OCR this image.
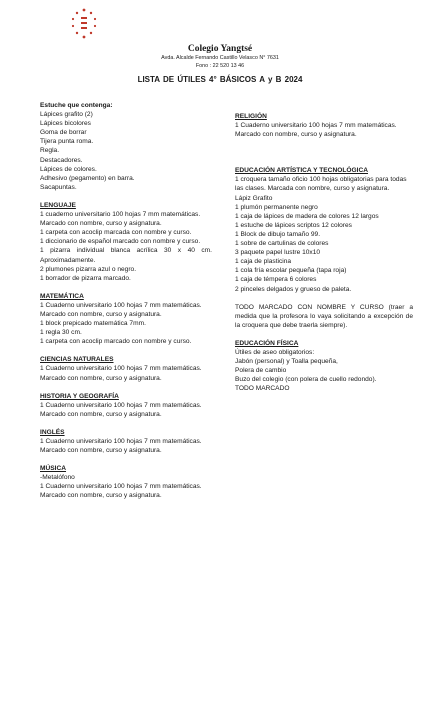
Colegio Yangtsé
Avda. Alcalde Fernando Castillo Velasco N° 7631
Fono : 22 520 13 46
LISTA DE ÚTILES 4° BÁSICOS A y B 2024
Estuche que contenga:
Lápices grafito (2)
Lápices bicolores
Goma de borrar
Tijera punta roma.
Regla.
Destacadores.
Lápices de colores.
Adhesivo (pegamento) en barra.
Sacapuntas.
LENGUAJE
1 cuaderno universitario 100 hojas 7 mm matemáticas. Marcado con nombre, curso y asignatura.
1 carpeta con acoclip marcada con nombre y curso.
1 diccionario de español marcado con nombre y curso.
1 pizarra individual blanca acrílica 30 x 40 cm. Aproximadamente.
2 plumones pizarra azul o negro.
1 borrador de pizarra marcado.
MATEMÁTICA
1 Cuaderno universitario 100 hojas 7 mm matemáticas. Marcado con nombre, curso y asignatura.
1 block prepicado matemática 7mm.
1 regla 30 cm.
1 carpeta con acoclip marcado con nombre y curso.
CIENCIAS NATURALES
1 Cuaderno universitario 100 hojas 7 mm matemáticas. Marcado con nombre, curso y asignatura.
HISTORIA Y GEOGRAFÍA
1 Cuaderno universitario 100 hojas 7 mm matemáticas. Marcado con nombre, curso y asignatura.
INGLÉS
1 Cuaderno universitario 100 hojas 7 mm matemáticas. Marcado con nombre, curso y asignatura.
MÚSICA
-Metalófono
1 Cuaderno universitario 100 hojas 7 mm matemáticas. Marcado con nombre, curso y asignatura.
RELIGIÓN
1 Cuaderno universitario 100 hojas 7 mm matemáticas. Marcado con nombre, curso y asignatura.
EDUCACIÓN ARTÍSTICA Y TECNOLÓGICA
1 croquera tamaño oficio 100 hojas obligatorias para todas las clases. Marcada con nombre, curso y asignatura.
Lápiz Grafito
1 plumón permanente negro
1 caja de lápices de madera de colores 12 largos
1 estuche de lápices scriptos 12 colores
1 Block de dibujo tamaño 99.
1 sobre de cartulinas de colores
3 paquete papel lustre 10x10
1 caja de plasticina
1 cola fría escolar pequeña (tapa roja)
1 caja de témpera 6 colores
2 pinceles delgados y grueso de paleta.
TODO MARCADO CON NOMBRE Y CURSO (traer a medida que la profesora lo vaya solicitando a excepción de la croquera que debe traerla siempre).
EDUCACIÓN FÍSICA
Útiles de aseo obligatorios:
Jabón (personal) y Toalla pequeña,
Polera de cambio
Buzo del colegio (con polera de cuello redondo).
TODO MARCADO
